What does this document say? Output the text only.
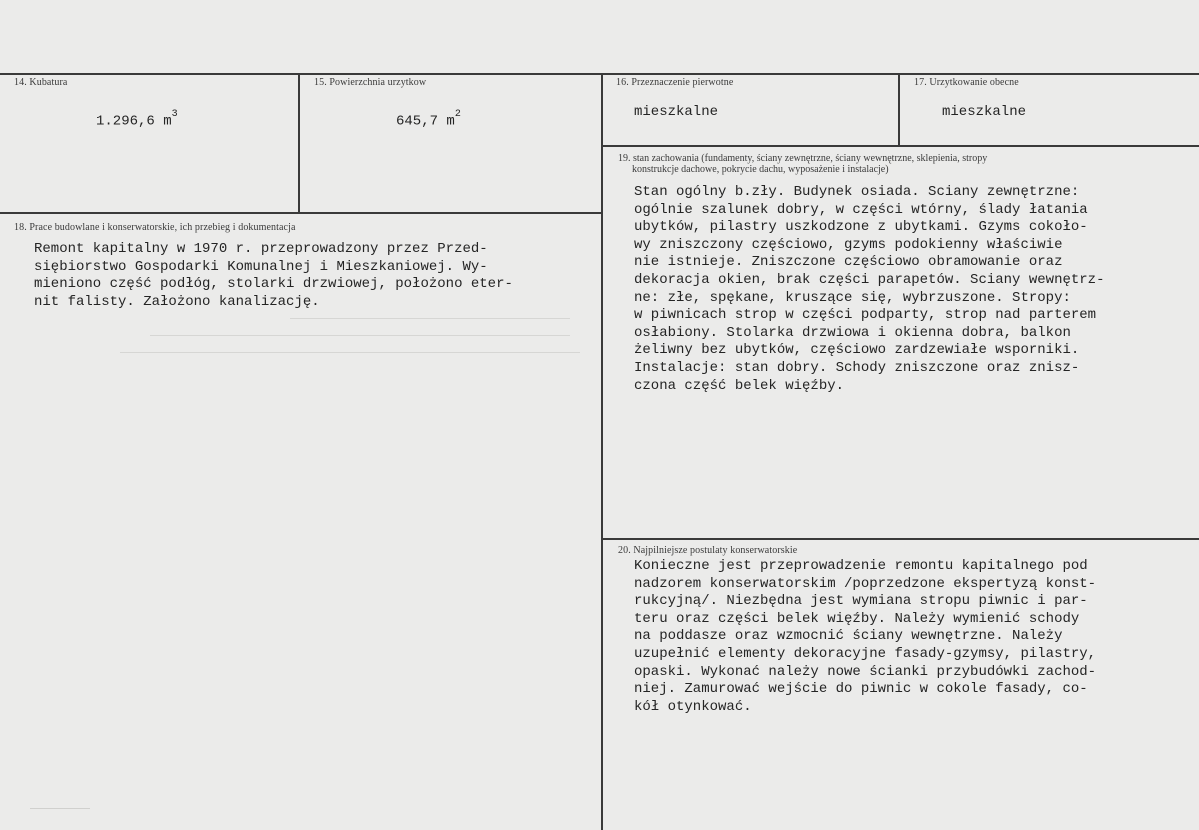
14. Kubatura
1.296,6 $m^3$
15. Powierzchnia urzytkow
645,7 $m^2$
16. Przeznaczenie pierwotne
mieszkalne
17. Urzytkowanie obecne
mieszkalne
18. Prace budowlane i konserwatorskie, ich przebieg i dokumentacja
Remont kapitalny w 1970 r. przeprowadzony przez Przed-
siębiorstwo Gospodarki Komunalnej i Mieszkaniowej. Wy-
mieniono część podłóg, stolarki drzwiowej, położono eter-
nit falisty. Założono kanalizację.
19. stan zachowania (fundamenty, ściany zewnętrzne, ściany wewnętrzne, sklepienia, stropy
konstrukcje dachowe, pokrycie dachu, wyposażenie i instalacje)
Stan ogólny b.zły. Budynek osiada. Sciany zewnętrzne:
ogólnie szalunek dobry, w części wtórny, ślady łatania
ubytków, pilastry uszkodzone z ubytkami. Gzyms cokoło-
wy zniszczony częściowo, gzyms podokienny właściwie
nie istnieje. Zniszczone częściowo obramowanie oraz
dekoracja okien, brak części parapetów. Sciany wewnętrz-
ne: złe, spękane, kruszące się, wybrzuszone. Stropy:
w piwnicach strop w części podparty, strop nad parterem
osłabiony. Stolarka drzwiowa i okienna dobra, balkon
żeliwny bez ubytków, częściowo zardzewiałe wsporniki.
Instalacje: stan dobry. Schody zniszczone oraz znisz-
czona część belek więźby.
20. Najpilniejsze postulaty konserwatorskie
Konieczne jest przeprowadzenie remontu kapitalnego pod
nadzorem konserwatorskim /poprzedzone ekspertyzą konst-
rukcyjną/. Niezbędna jest wymiana stropu piwnic i par-
teru oraz części belek więźby. Należy wymienić schody
na poddasze oraz wzmocnić ściany wewnętrzne. Należy
uzupełnić elementy dekoracyjne fasady-gzymsy, pilastry,
opaski. Wykonać należy nowe ścianki przybudówki zachod-
niej. Zamurować wejście do piwnic w cokole fasady, co-
kół otynkować.
